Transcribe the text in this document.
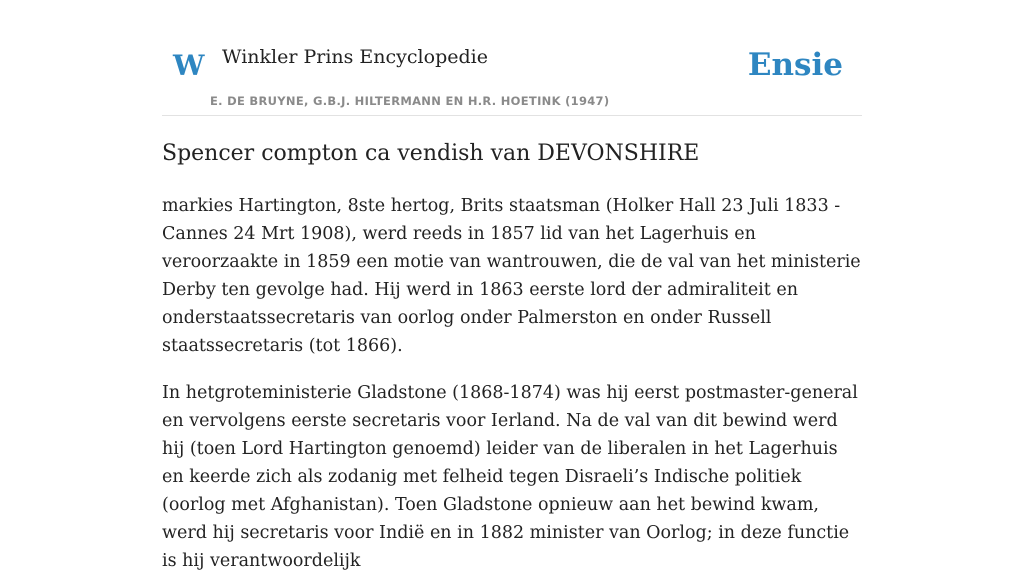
W Winkler Prins Encyclopedie
E. DE BRUYNE, G.B.J. HILTERMANN EN H.R. HOETINK (1947)
Ensie
Spencer compton ca vendish van DEVONSHIRE

markies Hartington, 8ste hertog, Brits staatsman (Holker Hall 23 Juli 1833 - Cannes 24 Mrt 1908), werd reeds in 1857 lid van het Lagerhuis en veroorzaakte in 1859 een motie van wantrouwen, die de val van het ministerie Derby ten gevolge had. Hij werd in 1863 eerste lord der admiraliteit en onderstaatssecretaris van oorlog onder Palmerston en onder Russell staatssecretaris (tot 1866).

In hetgroteministerie Gladstone (1868-1874) was hij eerst postmaster-general en vervolgens eerste secretaris voor Ierland. Na de val van dit bewind werd hij (toen Lord Hartington genoemd) leider van de liberalen in het Lagerhuis en keerde zich als zodanig met felheid tegen Disraeli’s Indische politiek (oorlog met Afghanistan). Toen Gladstone opnieuw aan het bewind kwam, werd hij secretaris voor Indië en in 1882 minister van Oorlog; in deze functie is hij verantwoordelijk
